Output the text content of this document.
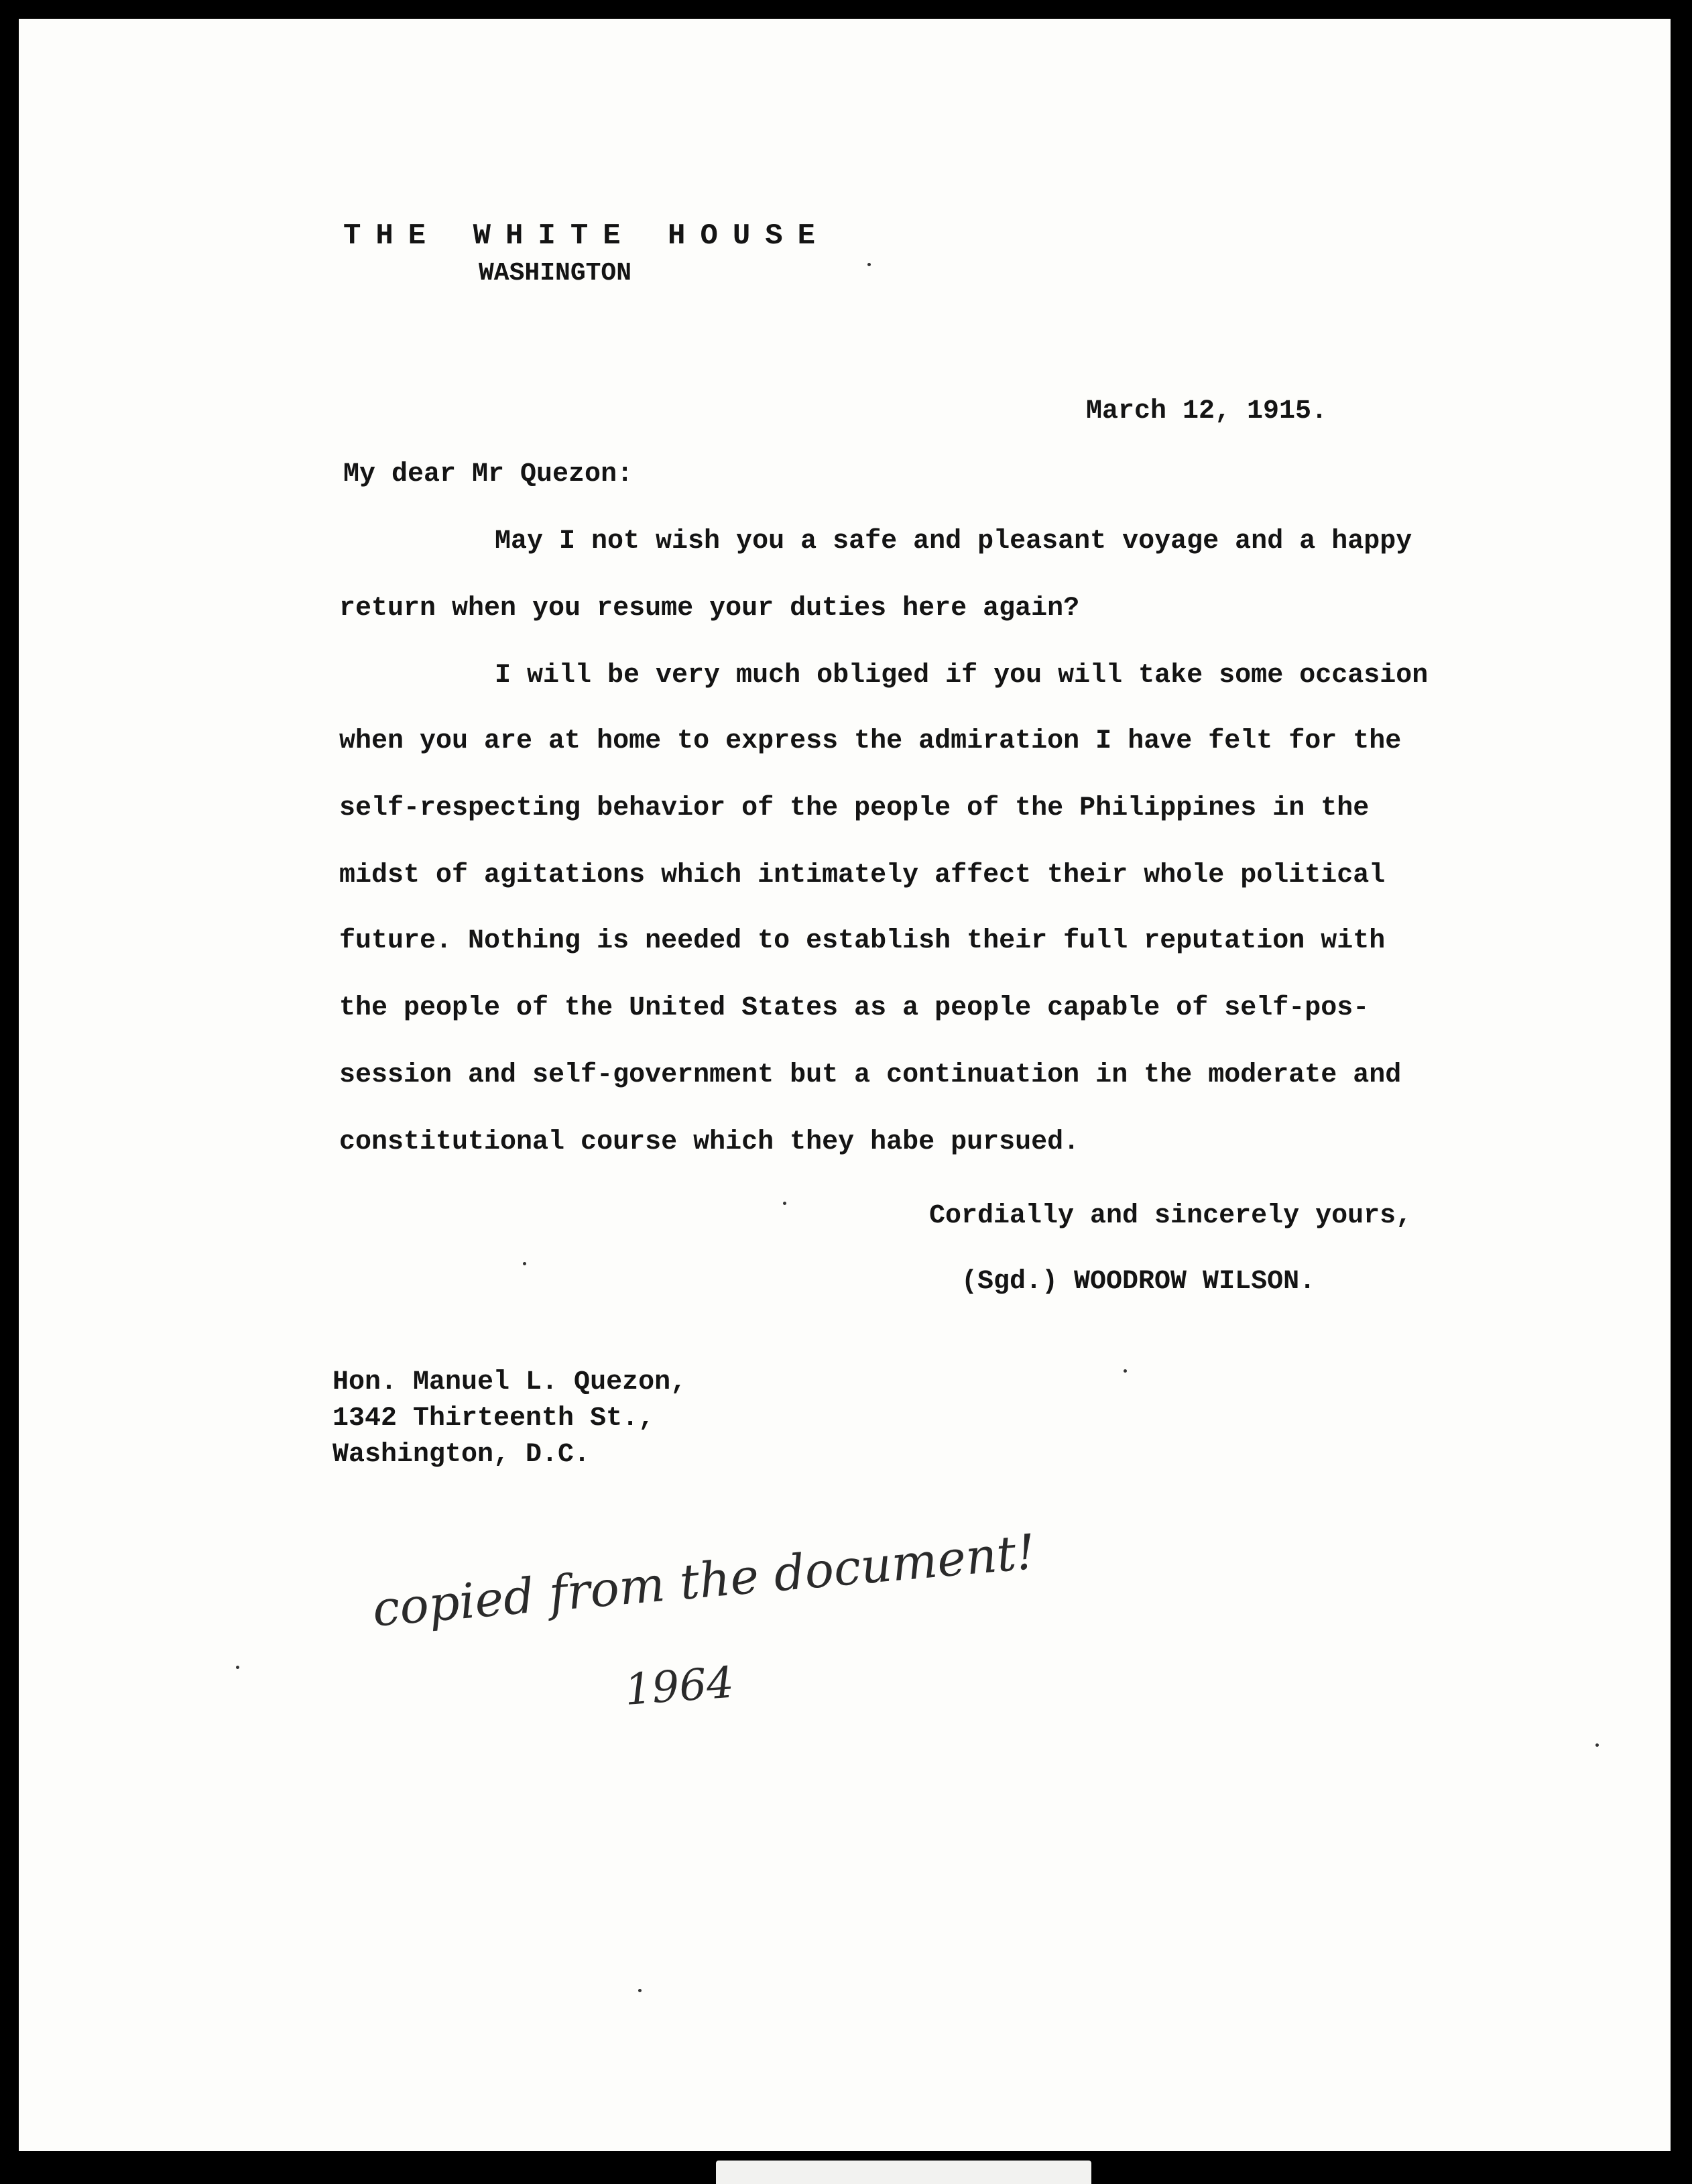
THE WHITE HOUSE

WASHINGTON

March 12, 1915.

My dear Mr Quezon:

May I not wish you a safe and pleasant voyage and a happy

return when you resume your duties here again?

I will be very much obliged if you will take some occasion

when you are at home to express the admiration I have felt for the

self-respecting behavior of the people of the Philippines in the

midst of agitations which intimately affect their whole political

future. Nothing is needed to establish their full reputation with

the people of the United States as a people capable of self-pos-

session and self-government but a continuation in the moderate and

constitutional course which they habe pursued.

Cordially and sincerely yours,

(Sgd.) WOODROW WILSON.

Hon. Manuel L. Quezon,

1342 Thirteenth St.,

Washington, D.C.

copied from the document!

1964
